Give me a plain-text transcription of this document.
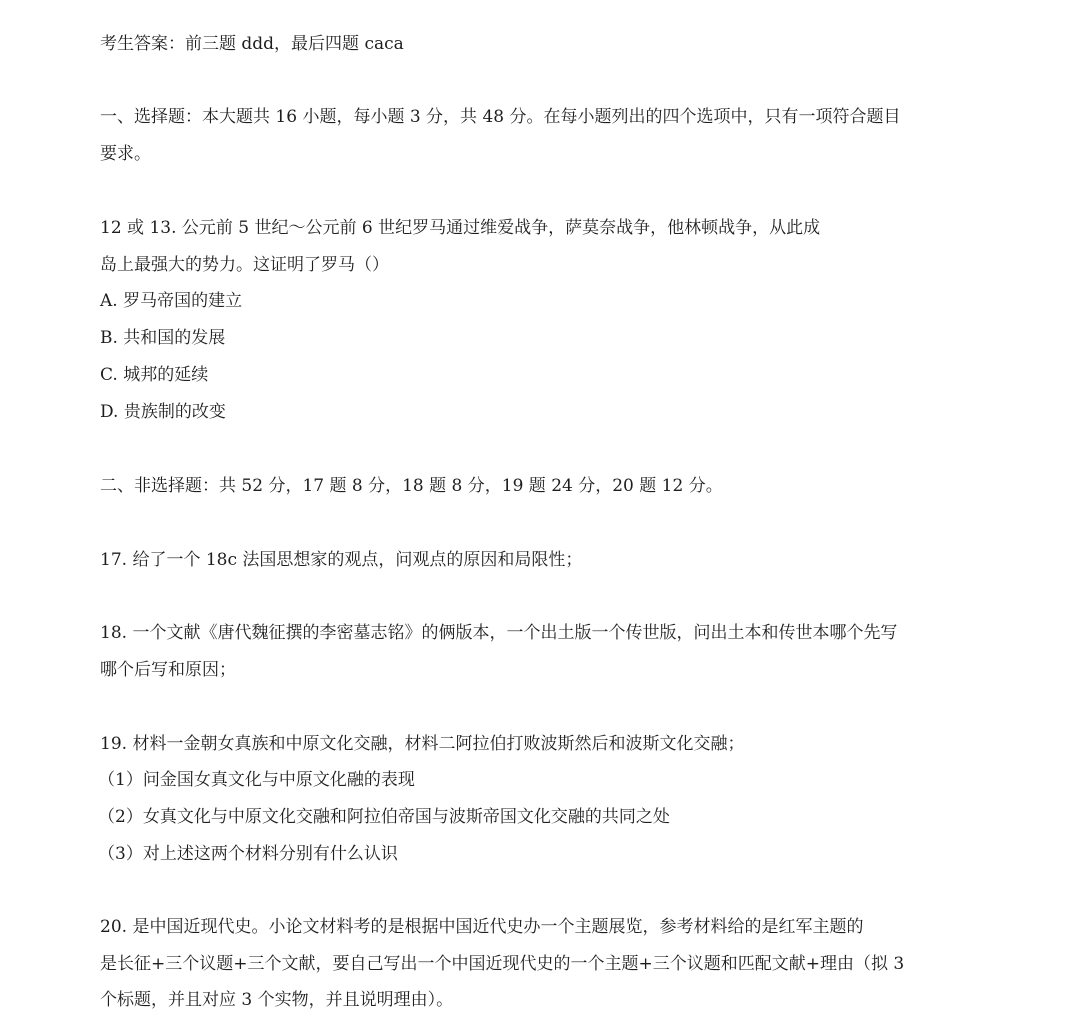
考生答案：前三题 ddd，最后四题 caca
一、选择题：本大题共 16 小题，每小题 3 分，共 48 分。在每小题列出的四个选项中，只有一项符合题目
要求。
12 或 13. 公元前 5 世纪～公元前 6 世纪罗马通过维爱战争，萨莫奈战争，他林顿战争，从此成
岛上最强大的势力。这证明了罗马（）
A. 罗马帝国的建立
B. 共和国的发展
C. 城邦的延续
D. 贵族制的改变
二、非选择题：共 52 分，17 题 8 分，18 题 8 分，19 题 24 分，20 题 12 分。
17. 给了一个 18c 法国思想家的观点，问观点的原因和局限性；
18. 一个文献《唐代魏征撰的李密墓志铭》的俩版本，一个出土版一个传世版，问出土本和传世本哪个先写
哪个后写和原因；
19. 材料一金朝女真族和中原文化交融，材料二阿拉伯打败波斯然后和波斯文化交融；
（1）问金国女真文化与中原文化融的表现
（2）女真文化与中原文化交融和阿拉伯帝国与波斯帝国文化交融的共同之处
（3）对上述这两个材料分别有什么认识
20. 是中国近现代史。小论文材料考的是根据中国近代史办一个主题展览，参考材料给的是红军主题的
是长征+三个议题+三个文献，要自己写出一个中国近现代史的一个主题+三个议题和匹配文献+理由（拟 3
个标题，并且对应 3 个实物，并且说明理由）。
